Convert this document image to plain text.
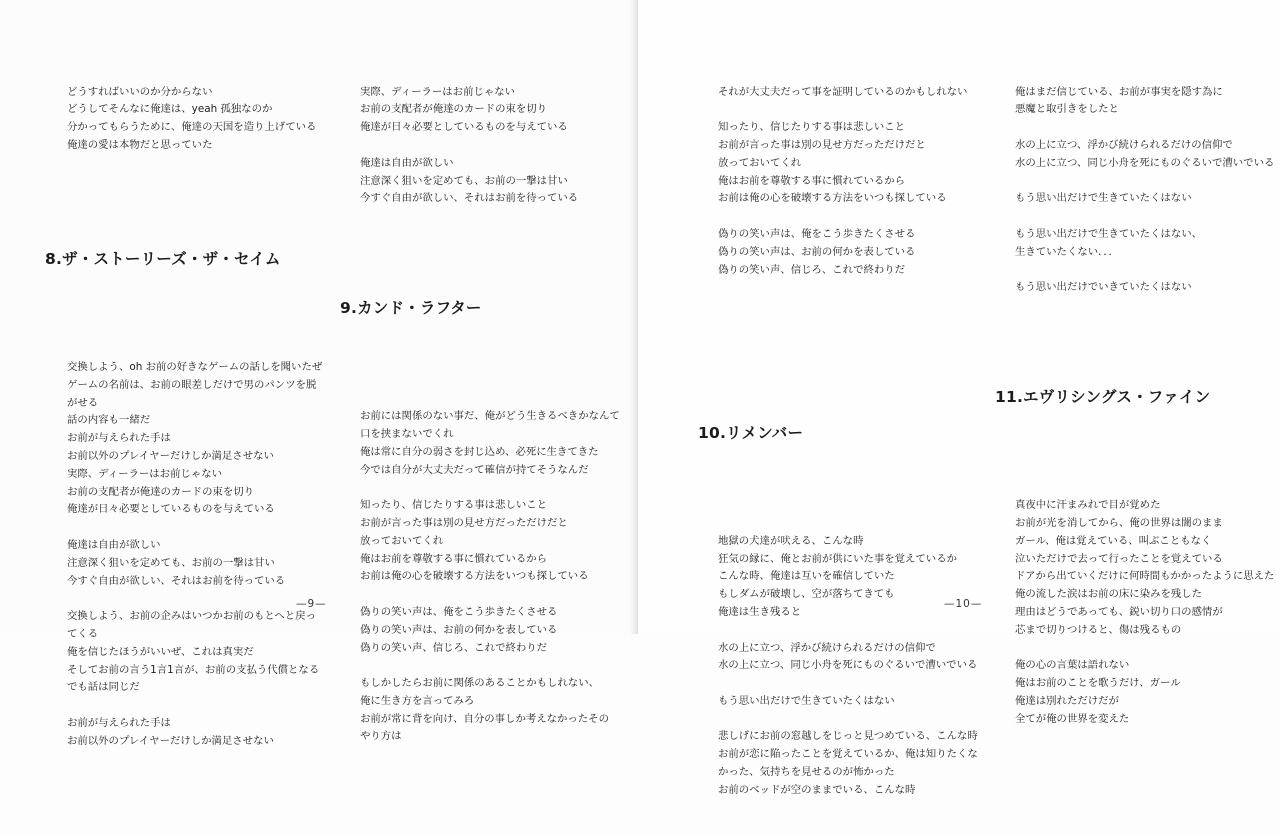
どうすればいいのか分からない

どうしてそんなに俺達は、yeah 孤独なのか

分かってもらうために、俺達の天国を造り上げている

俺達の愛は本物だと思っていた

8.ザ・ストーリーズ・ザ・セイム

交換しよう、oh お前の好きなゲームの話しを聞いたぜ

ゲームの名前は、お前の眼差しだけで男のパンツを脱

がせる

話の内容も一緒だ

お前が与えられた手は

お前以外のプレイヤーだけしか満足させない

実際、ディーラーはお前じゃない

お前の支配者が俺達のカードの束を切り

俺達が日々必要としているものを与えている

俺達は自由が欲しい

注意深く狙いを定めても、お前の一撃は甘い

今すぐ自由が欲しい、それはお前を待っている

交換しよう、お前の企みはいつかお前のもとへと戻っ

てくる

俺を信じたほうがいいぜ、これは真実だ

そしてお前の言う1言1言が、お前の支払う代償となる

でも話は同じだ

お前が与えられた手は

お前以外のプレイヤーだけしか満足させない

実際、ディーラーはお前じゃない

お前の支配者が俺達のカードの束を切り

俺達が日々必要としているものを与えている

俺達は自由が欲しい

注意深く狙いを定めても、お前の一撃は甘い

今すぐ自由が欲しい、それはお前を待っている

9.カンド・ラフター

お前には関係のない事だ、俺がどう生きるべきかなんて

口を挟まないでくれ

俺は常に自分の弱さを封じ込め、必死に生きてきた

今では自分が大丈夫だって確信が持てそうなんだ

知ったり、信じたりする事は悲しいこと

お前が言った事は別の見せ方だっただけだと

放っておいてくれ

俺はお前を尊敬する事に慣れているから

お前は俺の心を破壊する方法をいつも探している

偽りの笑い声は、俺をこう歩きたくさせる

偽りの笑い声は、お前の何かを表している

偽りの笑い声、信じろ、これで終わりだ

もしかしたらお前に関係のあることかもしれない、

俺に生き方を言ってみろ

お前が常に背を向け、自分の事しか考えなかったその

やり方は

—9—

それが大丈夫だって事を証明しているのかもしれない

知ったり、信じたりする事は悲しいこと

お前が言った事は別の見せ方だっただけだと

放っておいてくれ

俺はお前を尊敬する事に慣れているから

お前は俺の心を破壊する方法をいつも探している

偽りの笑い声は、俺をこう歩きたくさせる

偽りの笑い声は、お前の何かを表している

偽りの笑い声、信じろ、これで終わりだ

10.リメンバー

地獄の犬達が吠える、こんな時

狂気の縁に、俺とお前が供にいた事を覚えているか

こんな時、俺達は互いを確信していた

もしダムが破壊し、空が落ちてきても

俺達は生き残ると

水の上に立つ、浮かび続けられるだけの信仰で

水の上に立つ、同じ小舟を死にものぐるいで漕いでいる

もう思い出だけで生きていたくはない

悲しげにお前の窓越しをじっと見つめている、こんな時

お前が恋に陥ったことを覚えているか、俺は知りたくな

かった、気持ちを見せるのが怖かった

お前のベッドが空のままでいる、こんな時

俺はまだ信じている、お前が事実を隠す為に

悪魔と取引きをしたと

水の上に立つ、浮かび続けられるだけの信仰で

水の上に立つ、同じ小舟を死にものぐるいで漕いでいる

もう思い出だけで生きていたくはない

もう思い出だけで生きていたくはない、

生きていたくない．．．

もう思い出だけでいきていたくはない

11.エヴリシングス・ファイン

真夜中に汗まみれで目が覚めた

お前が光を消してから、俺の世界は闇のまま

ガール、俺は覚えている、叫ぶこともなく

泣いただけで去って行ったことを覚えている

ドアから出ていくだけに何時間もかかったように思えた

俺の流した涙はお前の床に染みを残した

理由はどうであっても、鋭い切り口の感情が

芯まで切りつけると、傷は残るもの

俺の心の言葉は語れない

俺はお前のことを歌うだけ、ガール

俺達は別れただけだが

全てが俺の世界を変えた

—10—
